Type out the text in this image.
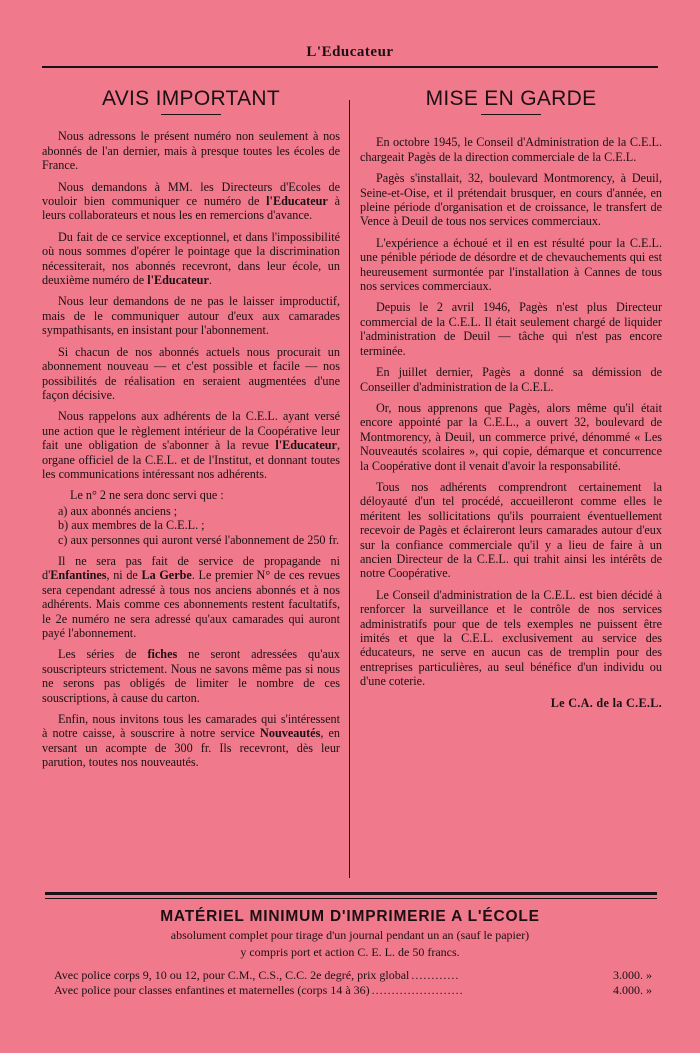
L'Educateur
AVIS IMPORTANT

Nous adressons le présent numéro non seulement à nos abonnés de l'an dernier, mais à presque toutes les écoles de France.

Nous demandons à MM. les Directeurs d'Ecoles de vouloir bien communiquer ce numéro de l'Educateur à leurs collaborateurs et nous les en remercions d'avance.

Du fait de ce service exceptionnel, et dans l'impossibilité où nous sommes d'opérer le pointage que la discrimination nécessiterait, nos abonnés recevront, dans leur école, un deuxième numéro de l'Educateur.

Nous leur demandons de ne pas le laisser improductif, mais de le communiquer autour d'eux aux camarades sympathisants, en insistant pour l'abonnement.

Si chacun de nos abonnés actuels nous procurait un abonnement nouveau — et c'est possible et facile — nos possibilités de réalisation en seraient augmentées d'une façon décisive.

Nous rappelons aux adhérents de la C.E.L. ayant versé une action que le règlement intérieur de la Coopérative leur fait une obligation de s'abonner à la revue l'Educateur, organe officiel de la C.E.L. et de l'Institut, et donnant toutes les communications intéressant nos adhérents.

Le n° 2 ne sera donc servi que :

a) aux abonnés anciens ;
b) aux membres de la C.E.L. ;
c) aux personnes qui auront versé l'abonnement de 250 fr.

Il ne sera pas fait de service de propagande ni d'Enfantines, ni de La Gerbe. Le premier N° de ces revues sera cependant adressé à tous nos anciens abonnés et à nos adhérents. Mais comme ces abonnements restent facultatifs, le 2e numéro ne sera adressé qu'aux camarades qui auront payé l'abonnement.

Les séries de fiches ne seront adressées qu'aux souscripteurs strictement. Nous ne savons même pas si nous ne serons pas obligés de limiter le nombre de ces souscriptions, à cause du carton.

Enfin, nous invitons tous les camarades qui s'intéressent à notre caisse, à souscrire à notre service Nouveautés, en versant un acompte de 300 fr. Ils recevront, dès leur parution, toutes nos nouveautés.

MISE EN GARDE

En octobre 1945, le Conseil d'Administration de la C.E.L. chargeait Pagès de la direction commerciale de la C.E.L.

Pagès s'installait, 32, boulevard Montmorency, à Deuil, Seine-et-Oise, et il prétendait brusquer, en cours d'année, en pleine période d'organisation et de croissance, le transfert de Vence à Deuil de tous nos services commerciaux.

L'expérience a échoué et il en est résulté pour la C.E.L. une pénible période de désordre et de chevauchements qui est heureusement surmontée par l'installation à Cannes de tous nos services commerciaux.

Depuis le 2 avril 1946, Pagès n'est plus Directeur commercial de la C.E.L. Il était seulement chargé de liquider l'administration de Deuil — tâche qui n'est pas encore terminée.

En juillet dernier, Pagès a donné sa démission de Conseiller d'administration de la C.E.L.

Or, nous apprenons que Pagès, alors même qu'il était encore appointé par la C.E.L., a ouvert 32, boulevard de Montmorency, à Deuil, un commerce privé, dénommé « Les Nouveautés scolaires », qui copie, démarque et concurrence la Coopérative dont il venait d'avoir la responsabilité.

Tous nos adhérents comprendront certainement la déloyauté d'un tel procédé, accueilleront comme elles le méritent les sollicitations qu'ils pourraient éventuellement recevoir de Pagès et éclaireront leurs camarades autour d'eux sur la confiance commerciale qu'il y a lieu de faire à un ancien Directeur de la C.E.L. qui trahit ainsi les intérêts de notre Coopérative.

Le Conseil d'administration de la C.E.L. est bien décidé à renforcer la surveillance et le contrôle de nos services administratifs pour que de tels exemples ne puissent être imités et que la C.E.L. exclusivement au service des éducateurs, ne serve en aucun cas de tremplin pour des entreprises particulières, au seul bénéfice d'un individu ou d'une coterie.

Le C.A. de la C.E.L.
MATÉRIEL MINIMUM D'IMPRIMERIE A L'ÉCOLE
absolument complet pour tirage d'un journal pendant un an (sauf le papier)
y compris port et action C. E. L. de 50 francs.
Avec police corps 9, 10 ou 12, pour C.M., C.S., C.C. 2e degré, prix global ............	3.000. »
Avec police pour classes enfantines et maternelles (corps 14 à 36) .......................	4.000. »
